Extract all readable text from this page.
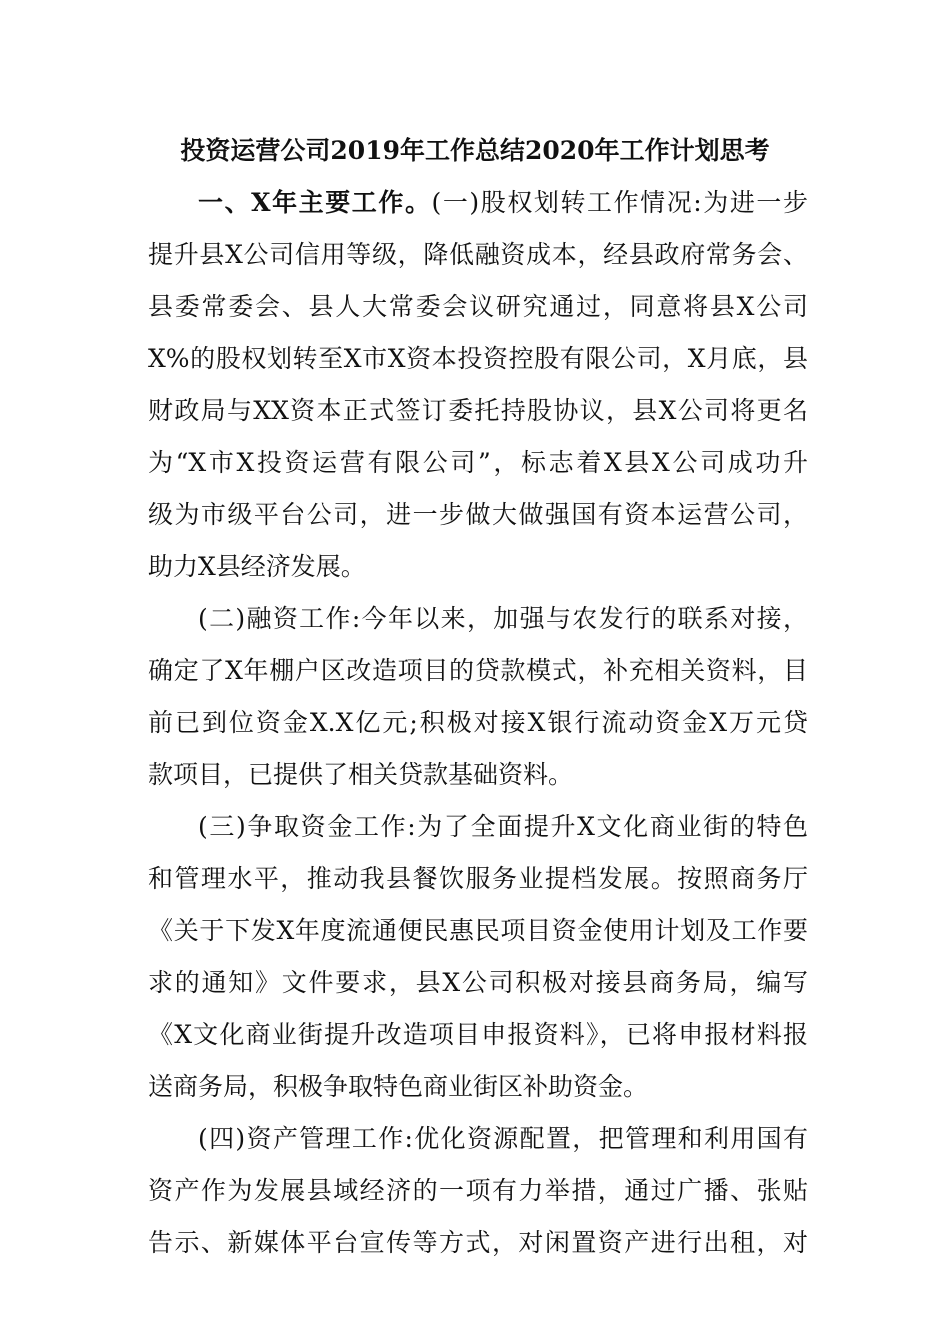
投资运营公司2019年工作总结2020年工作计划思考
一、X年主要工作。(一)股权划转工作情况:为进一步
提升县X公司信用等级，降低融资成本，经县政府常务会、
县委常委会、县人大常委会议研究通过，同意将县X公司
X%的股权划转至X市X资本投资控股有限公司，X月底，县
财政局与XX资本正式签订委托持股协议，县X公司将更名
为“X市X投资运营有限公司”，标志着X县X公司成功升
级为市级平台公司，进一步做大做强国有资本运营公司，
助力X县经济发展。
(二)融资工作:今年以来，加强与农发行的联系对接，
确定了X年棚户区改造项目的贷款模式，补充相关资料，目
前已到位资金X.X亿元;积极对接X银行流动资金X万元贷
款项目，已提供了相关贷款基础资料。
(三)争取资金工作:为了全面提升X文化商业街的特色
和管理水平，推动我县餐饮服务业提档发展。按照商务厅
《关于下发X年度流通便民惠民项目资金使用计划及工作要
求的通知》文件要求，县X公司积极对接县商务局，编写
《X文化商业街提升改造项目申报资料》，已将申报材料报
送商务局，积极争取特色商业街区补助资金。
(四)资产管理工作:优化资源配置，把管理和利用国有
资产作为发展县域经济的一项有力举措，通过广播、张贴
告示、新媒体平台宣传等方式，对闲置资产进行出租，对
